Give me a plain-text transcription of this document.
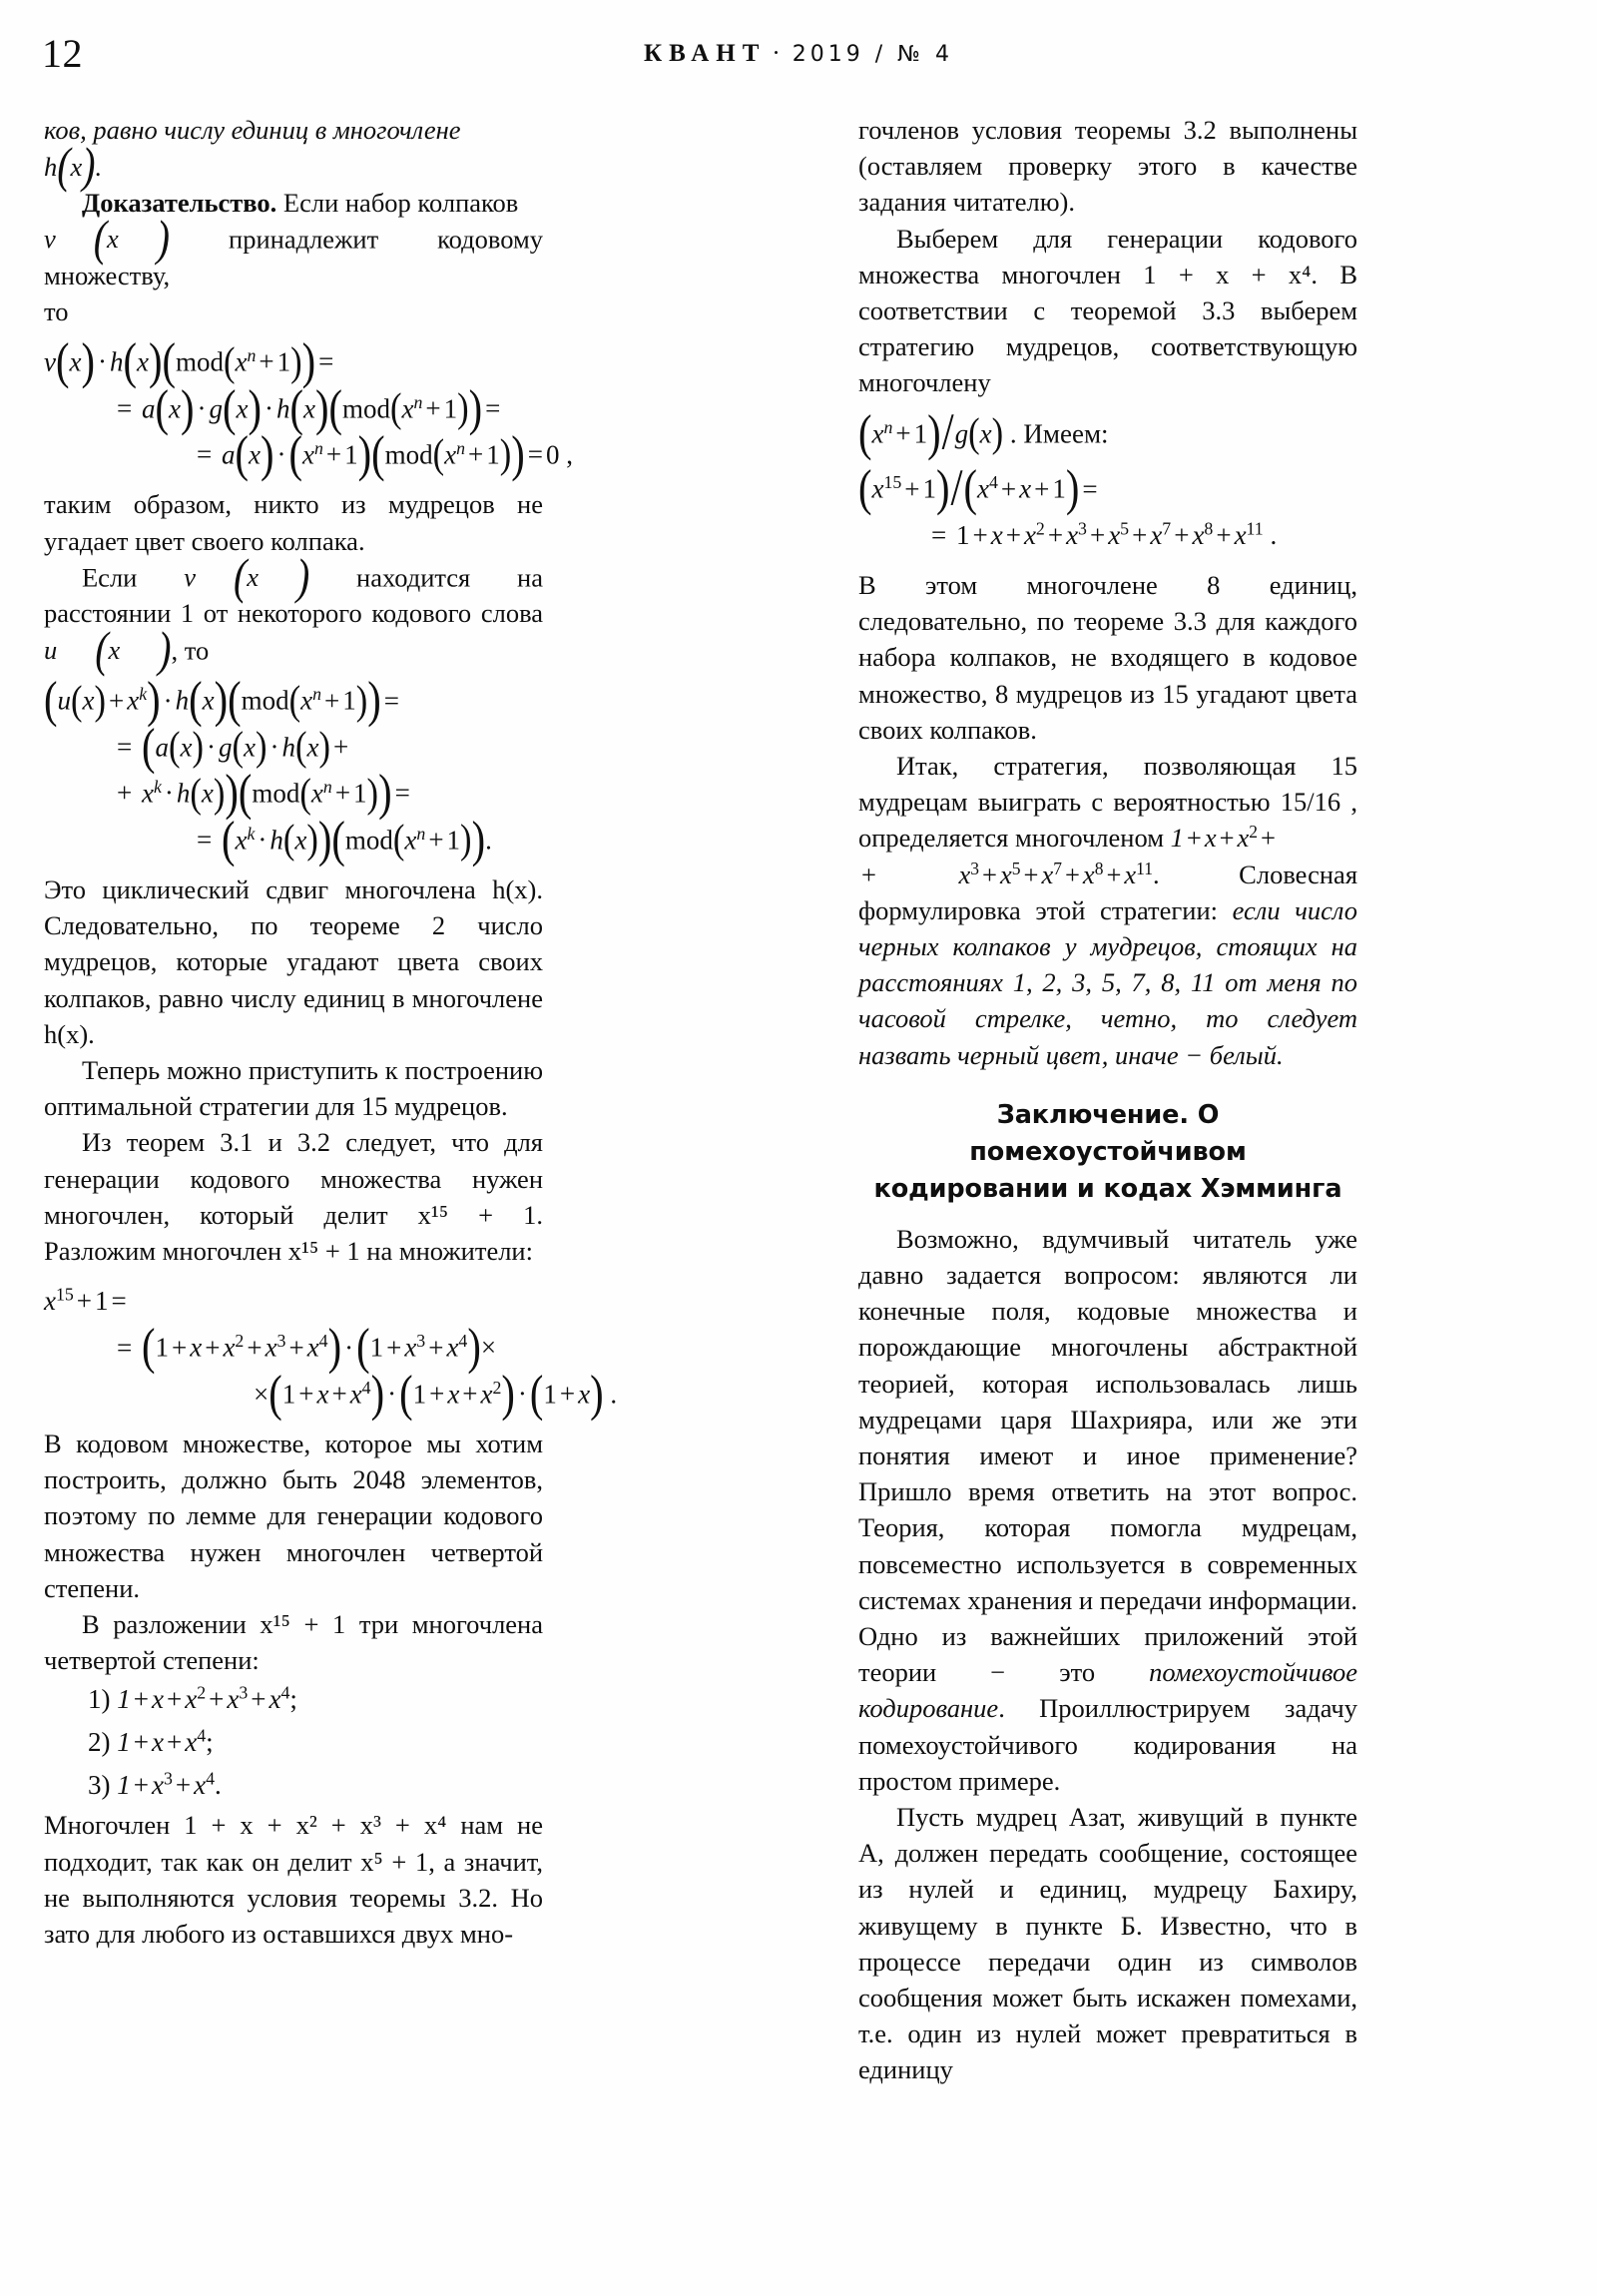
12	КВАНТ · 2019 / № 4

ков, равно числу единиц в многочлене
h(x).

Доказательство. Если набор колпаков
v (x ) принадлежит кодовому множеству,
то

$v(x) \cdot h(x)(mod(x^n + 1))$ =
= $a(x) \cdot g(x) \cdot h(x)(mod(x^n + 1))$ =
= $a(x) \cdot(x^n + 1)(mod(x^n + 1)) = 0$ ,

таким образом, никто из мудрецов не угадает цвет своего колпака.

Если v (x ) находится на расстоянии 1 от некоторого кодового слова u (x ), то

$(u(x) + x^k) \cdot h(x)(mod(x^n + 1))$ =
= (a(x) · g(x) · h(x) +
+ $x^k \cdot h(x))(mod(x^n + 1))$ =
= $(x^k \cdot h(x))(mod(x^n + 1))$.

Это циклический сдвиг многочлена h(x). Следовательно, по теореме 2 число мудрецов, которые угадают цвета своих колпаков, равно числу единиц в многочлене h(x).

Теперь можно приступить к построению оптимальной стратегии для 15 мудрецов.

Из теорем 3.1 и 3.2 следует, что для генерации кодового множества нужен многочлен, который делит x¹⁵ + 1. Разложим многочлен x¹⁵ + 1 на множители:

$x^{15} + 1$ =
= $(1 + x + x^2 + x^3 + x^4) \cdot(1 + x^3 + x^4)\times$
$\times(1 + x + x^4) \cdot(1 + x + x^2) \cdot(1 + x)$ .

В кодовом множестве, которое мы хотим построить, должно быть 2048 элементов, поэтому по лемме для генерации кодового множества нужен многочлен четвертой степени.

В разложении x¹⁵ + 1 три многочлена четвертой степени:

1) $1 + x + x^2 + x^3 + x^4$;

2) $1 + x + x^4$;

3) $1 + x^3 + x^4$.

Многочлен 1 + x + x² + x³ + x⁴ нам не подходит, так как он делит x⁵ + 1, а значит, не выполняются условия теоремы 3.2. Но зато для любого из оставшихся двух мно-

гочленов условия теоремы 3.2 выполнены (оставляем проверку этого в качестве задания читателю).

Выберем для генерации кодового множества многочлен 1 + x + x⁴. В соответствии с теоремой 3.3 выберем стратегию мудрецов, соответствующую многочлену

$(x^n + 1)/g(x)$ . Имеем:
$(x^{15} + 1)/(x^4 + x + 1)$ =
= $1 + x + x^2 + x^3 + x^5 + x^7 + x^8 + x^{11}$ .

В этом многочлене 8 единиц, следовательно, по теореме 3.3 для каждого набора колпаков, не входящего в кодовое множество, 8 мудрецов из 15 угадают цвета своих колпаков.

Итак, стратегия, позволяющая 15 мудрецам выиграть с вероятностью 15/16 , определяется многочленом $1 + x + x^2$ +
+ $x^3 + x^5 + x^7 + x^8 + x^{11}$. Словесная формулировка этой стратегии: если число черных колпаков у мудрецов, стоящих на расстояниях 1, 2, 3, 5, 7, 8, 11 от меня по часовой стрелке, четно, то следует назвать черный цвет, иначе − белый.

Заключение. О помехоустойчивом
кодировании и кодах Хэмминга

Возможно, вдумчивый читатель уже давно задается вопросом: являются ли конечные поля, кодовые множества и порождающие многочлены абстрактной теорией, которая использовалась лишь мудрецами царя Шахрияра, или же эти понятия имеют и иное применение? Пришло время ответить на этот вопрос. Теория, которая помогла мудрецам, повсеместно используется в современных системах хранения и передачи информации. Одно из важнейших приложений этой теории − это помехоустойчивое кодирование. Проиллюстрируем задачу помехоустойчивого кодирования на простом примере.

Пусть мудрец Азат, живущий в пункте А, должен передать сообщение, состоящее из нулей и единиц, мудрецу Бахиру, живущему в пункте Б. Известно, что в процессе передачи один из символов сообщения может быть искажен помехами, т.е. один из нулей может превратиться в единицу
